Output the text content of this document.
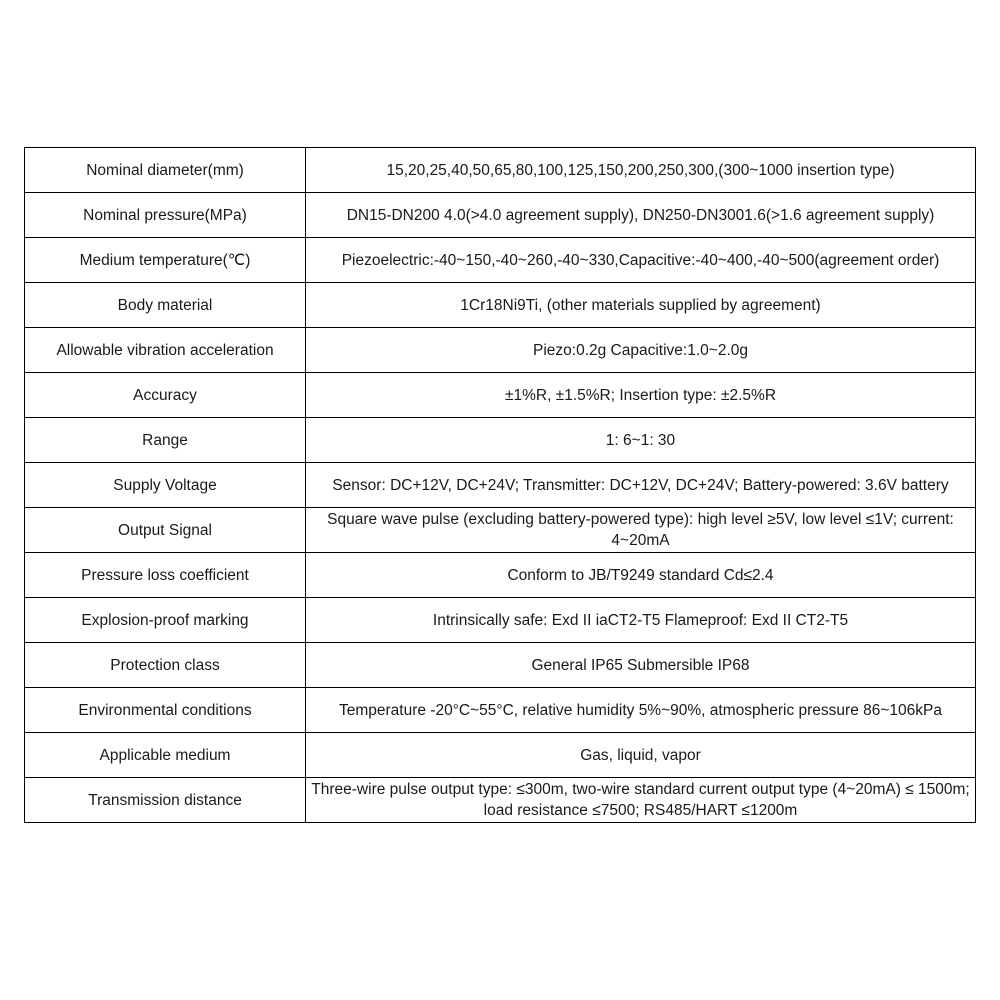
Nominal diameter(mm)	15,20,25,40,50,65,80,100,125,150,200,250,300,(300~1000 insertion type)
Nominal pressure(MPa)	DN15-DN200 4.0(>4.0 agreement supply), DN250-DN3001.6(>1.6 agreement supply)
Medium temperature(℃)	Piezoelectric:-40~150,-40~260,-40~330,Capacitive:-40~400,-40~500(agreement order)
Body material	1Cr18Ni9Ti, (other materials supplied by agreement)
Allowable vibration acceleration	Piezo:0.2g Capacitive:1.0~2.0g
Accuracy	±1%R, ±1.5%R; Insertion type: ±2.5%R
Range	1: 6~1: 30
Supply Voltage	Sensor: DC+12V, DC+24V; Transmitter: DC+12V, DC+24V; Battery-powered: 3.6V battery
Output Signal	Square wave pulse (excluding battery-powered type): high level ≥5V, low level ≤1V; current: 4~20mA
Pressure loss coefficient	Conform to JB/T9249 standard Cd≤2.4
Explosion-proof marking	Intrinsically safe: Exd II iaCT2-T5 Flameproof: Exd II CT2-T5
Protection class	General IP65 Submersible IP68
Environmental conditions	Temperature -20°C~55°C, relative humidity 5%~90%, atmospheric pressure 86~106kPa
Applicable medium	Gas, liquid, vapor
Transmission distance	Three-wire pulse output type: ≤300m, two-wire standard current output type (4~20mA) ≤ 1500m; load resistance ≤7500; RS485/HART ≤1200m
